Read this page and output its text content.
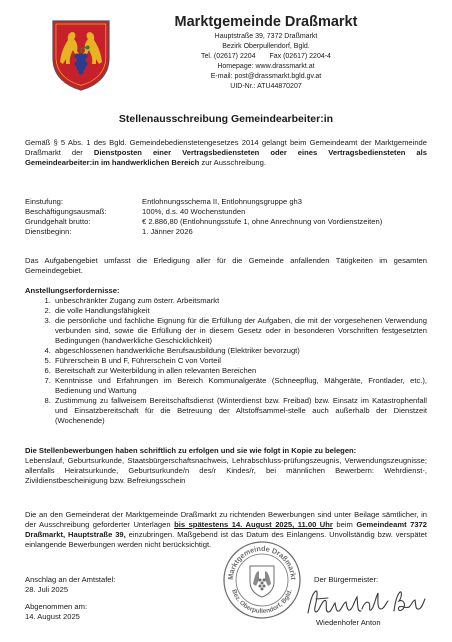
Marktgemeinde Draßmarkt
Hauptstraße 39, 7372 Draßmarkt
Bezirk Oberpullendorf, Bgld.
Tel. (02617) 2204 Fax (02617) 2204-4
Homepage: www.drassmarkt.at
E-mail: post@drassmarkt.bgld.gv.at
UID-Nr.: ATU44870207
Stellenausschreibung Gemeindearbeiter:in
Gemäß § 5 Abs. 1 des Bgld. Gemeindebedienstetengesetzes 2014 gelangt beim Gemeindeamt der Marktgemeinde Draßmarkt der Dienstposten einer Vertragsbediensteten oder eines Vertragsbediensteten als Gemeindearbeiter:in im handwerklichen Bereich zur Ausschreibung.
Einstufung:	Entlohnungsschema II, Entlohnungsgruppe gh3
Beschäftigungsausmaß:	100%, d.s. 40 Wochenstunden
Grundgehalt brutto:	€ 2.886,80 (Entlohnungsstufe 1, ohne Anrechnung von Vordienstzeiten)
Dienstbeginn:	1. Jänner 2026
Das Aufgabengebiet umfasst die Erledigung aller für die Gemeinde anfallenden Tätigkeiten im gesamten Gemeindegebiet.
Anstellungserfordernisse:
1. unbeschränkter Zugang zum österr. Arbeitsmarkt
2. die volle Handlungsfähigkeit
3. die persönliche und fachliche Eignung für die Erfüllung der Aufgaben, die mit der vorgesehenen Verwendung verbunden sind, sowie die Erfüllung der in diesem Gesetz oder in besonderen Vorschriften festgesetzten Bedingungen (handwerkliche Geschicklichkeit)
4. abgeschlossenen handwerkliche Berufsausbildung (Elektriker bevorzugt)
5. Führerschein B und F, Führerschein C von Vorteil
6. Bereitschaft zur Weiterbildung in allen relevanten Bereichen
7. Kenntnisse und Erfahrungen im Bereich Kommunalgeräte (Schneepflug, Mähgeräte, Frontlader, etc.), Bedienung und Wartung
8. Zustimmung zu fallweisem Bereitschaftsdienst (Winterdienst bzw. Freibad) bzw. Einsatz im Katastrophenfall und Einsatzbereitschaft für die Betreuung der Altstoffsammel-stelle auch außerhalb der Dienstzeit (Wochenende)
Die Stellenbewerbungen haben schriftlich zu erfolgen und sie wie folgt in Kopie zu belegen:
Lebenslauf, Geburtsurkunde, Staatsbürgerschaftsnachweis, Lehrabschluss-prüfungszeugnis, Verwendungszeugnisse; allenfalls Heiratsurkunde, Geburtsurkunde/n des/r Kindes/r, bei männlichen Bewerbern: Wehrdienst-, Zivildienstbescheinigung bzw. Befreiungsschein
Die an den Gemeinderat der Marktgemeinde Draßmarkt zu richtenden Bewerbungen sind unter Beilage sämtlicher, in der Ausschreibung geforderter Unterlagen bis spätestens 14. August 2025, 11.00 Uhr beim Gemeindeamt 7372 Draßmarkt, Hauptstraße 39, einzubringen. Maßgebend ist das Datum des Einlangens. Unvollständig bzw. verspätet einlangende Bewerbungen werden nicht berücksichtigt.
Anschlag an der Amtstafel:
28. Juli 2025
Abgenommen am:
14. August 2025
Marktgemeinde Draßmarkt
Bez. Oberpullendorf, Bgld.
Der Bürgermeister:
Wiedenhofer Anton
